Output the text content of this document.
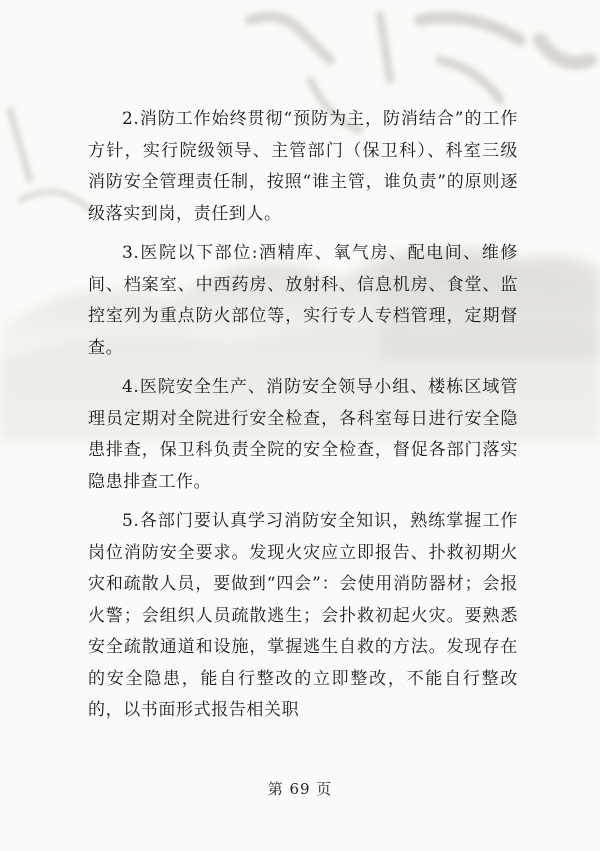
2.消防工作始终贯彻“预防为主，防消结合”的工作方针，实行院级领导、主管部门（保卫科）、科室三级消防安全管理责任制，按照“谁主管，谁负责”的原则逐级落实到岗，责任到人。

3.医院以下部位:酒精库、氧气房、配电间、维修间、档案室、中西药房、放射科、信息机房、食堂、监控室列为重点防火部位等，实行专人专档管理，定期督查。

4.医院安全生产、消防安全领导小组、楼栋区域管理员定期对全院进行安全检查，各科室每日进行安全隐患排查，保卫科负责全院的安全检查，督促各部门落实隐患排查工作。

5.各部门要认真学习消防安全知识，熟练掌握工作岗位消防安全要求。发现火灾应立即报告、扑救初期火灾和疏散人员，要做到“四会”：会使用消防器材；会报火警；会组织人员疏散逃生；会扑救初起火灾。要熟悉安全疏散通道和设施，掌握逃生自救的方法。发现存在的安全隐患，能自行整改的立即整改，不能自行整改的，以书面形式报告相关职

第 69 页
